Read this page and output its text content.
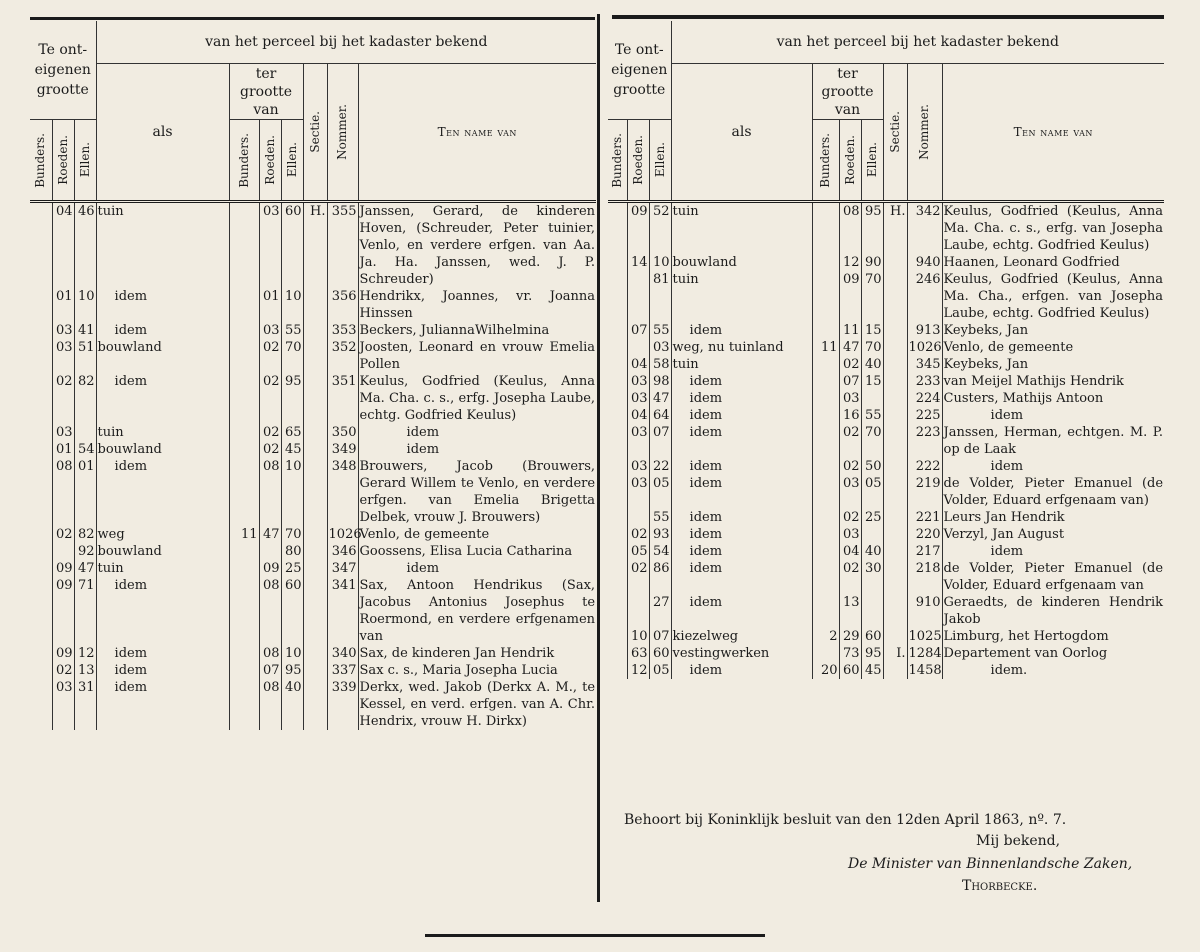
Te ont-eigenen grootte			van het perceel bij het kadaster bekend						
			als	ter grootte van			Sectie.	Nommer.	Ten name van

Bunders.	Roeden.	Ellen.		Bunders.	Roeden.	Ellen.			

	04	46	tuin		03	60	H.	355	Janssen, Gerard, de kinderen Hoven, (Schreuder, Peter tuinier, Venlo, en verdere erfgen. van Aa. Ja. Ha. Janssen, wed. J. P. Schreuder)
	01	10	idem		01	10		356	Hendrikx, Joannes, vr. Joanna Hinssen
	03	41	idem		03	55		353	Beckers, JuliannaWilhelmina
	03	51	bouwland		02	70		352	Joosten, Leonard en vrouw Emelia Pollen
	02	82	idem		02	95		351	Keulus, Godfried (Keulus, Anna Ma. Cha. c. s., erfg. Josepha Laube, echtg. Godfried Keulus)
	03		tuin		02	65		350	idem
	01	54	bouwland		02	45		349	idem
	08	01	idem		08	10		348	Brouwers, Jacob (Brouwers, Gerard Willem te Venlo, en verdere erfgen. van Emelia Brigetta Delbek, vrouw J. Brouwers)
	02	82	weg	11	47	70		1026	Venlo, de gemeente
		92	bouwland			80		346	Goossens, Elisa Lucia Catharina
	09	47	tuin		09	25		347	idem
	09	71	idem		08	60		341	Sax, Antoon Hendrikus (Sax, Jacobus Antonius Josephus te Roermond, en verdere erfgenamen van
	09	12	idem		08	10		340	Sax, de kinderen Jan Hendrik
	02	13	idem		07	95		337	Sax c. s., Maria Josepha Lucia
	03	31	idem		08	40		339	Derkx, wed. Jakob (Derkx A. M., te Kessel, en verd. erfgen. van A. Chr. Hendrix, vrouw H. Dirkx)
Te ont-eigenen grootte			van het perceel bij het kadaster bekend						
			als	ter grootte van			Sectie.	Nommer.	Ten name van

Bunders.	Roeden.	Ellen.		Bunders.	Roeden.	Ellen.			

	09	52	tuin		08	95	H.	342	Keulus, Godfried (Keulus, Anna Ma. Cha. c. s., erfg. van Josepha Laube, echtg. Godfried Keulus)
	14	10	bouwland		12	90		940	Haanen, Leonard Godfried
		81	tuin		09	70		246	Keulus, Godfried (Keulus, Anna Ma. Cha., erfgen. van Josepha Laube, echtg. Godfried Keulus)
	07	55	idem		11	15		913	Keybeks, Jan
		03	weg, nu tuinland	11	47	70		1026	Venlo, de gemeente
	04	58	tuin		02	40		345	Keybeks, Jan
	03	98	idem		07	15		233	van Meijel Mathijs Hendrik
	03	47	idem		03			224	Custers, Mathijs Antoon
	04	64	idem		16	55		225	idem
	03	07	idem		02	70		223	Janssen, Herman, echtgen. M. P. op de Laak
	03	22	idem		02	50		222	idem
	03	05	idem		03	05		219	de Volder, Pieter Emanuel (de Volder, Eduard erfgenaam van)
		55	idem		02	25		221	Leurs Jan Hendrik
	02	93	idem		03			220	Verzyl, Jan August
	05	54	idem		04	40		217	idem
	02	86	idem		02	30		218	de Volder, Pieter Emanuel (de Volder, Eduard erfgenaam van
		27	idem		13			910	Geraedts, de kinderen Hendrik Jakob
	10	07	kiezelweg	2	29	60		1025	Limburg, het Hertogdom
	63	60	vestingwerken		73	95	I.	1284	Departement van Oorlog
	12	05	idem	20	60	45		1458	idem.
Behoort bij Koninklijk besluit van den 12den April 1863, nº. 7.
Mij bekend,
De Minister van Binnenlandsche Zaken,
Thorbecke.
